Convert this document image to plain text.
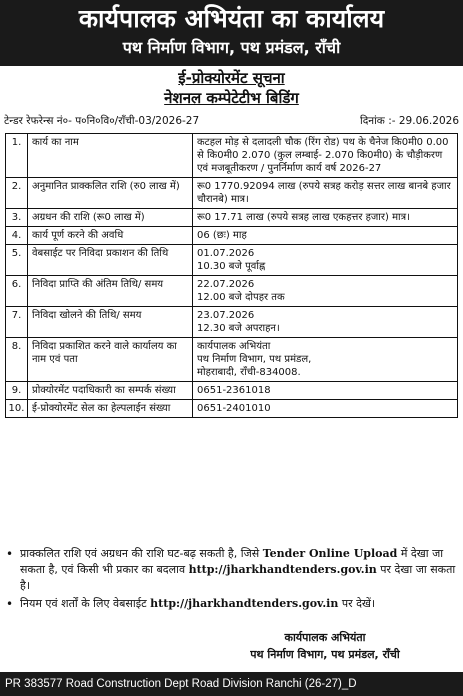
कार्यपालक अभियंता का कार्यालय
पथ निर्माण विभाग, पथ प्रमंडल, राँची
ई-प्रोक्योरमेंट सूचना
नेशनल कम्पेटेटीभ बिडिंग
टेन्डर रेफरेन्स नं०- प०नि०वि०/राँची-03/2026-27	दिनांक :- 29.06.2026
1.	कार्य का नाम	कटहल मोड़ से दलादली चौक (रिंग रोड) पथ के चैनेज कि0मी0 0.00 से कि0मी0 2.070 (कुल लम्बाई- 2.070 कि0मी0) के चौड़ीकरण एवं मजबूतीकरण / पुनर्निर्माण कार्य वर्ष 2026-27
2.	अनुमानित प्राक्कलित राशि (रु0 लाख में)	रू0 1770.92094 लाख (रुपये सत्रह करोड़ सत्तर लाख बानबे हजार चौरानबे) मात्र।
3.	अग्रधन की राशि (रू0 लाख में)	रू0 17.71 लाख (रुपये सत्रह लाख एकहत्तर हजार) मात्र।
4.	कार्य पूर्ण करने की अवधि	06 (छः) माह
5.	वेबसाईट पर निविदा प्रकाशन की तिथि	01.07.2026
10.30 बजे पूर्वाह्न
6.	निविदा प्राप्ति की अंतिम तिथि/ समय	22.07.2026
12.00 बजे दोपहर तक
7.	निविदा खोलने की तिथि/ समय	23.07.2026
12.30 बजे अपराहन।
8.	निविदा प्रकाशित करने वाले कार्यालय का नाम एवं पता	कार्यपालक अभियंता
पथ निर्माण विभाग, पथ प्रमंडल,
मोहराबादी, राँची-834008.
9.	प्रोक्योरमेंट पदाधिकारी का सम्पर्क संख्या	0651-2361018
10.	ई-प्रोक्योरमेंट सेल का हेल्पलाईन संख्या	0651-2401010
• प्राक्कलित राशि एवं अग्रधन की राशि घट-बढ़ सकती है, जिसे Tender Online Upload में देखा जा सकता है, एवं किसी भी प्रकार का बदलाव http://jharkhandtenders.gov.in पर देखा जा सकता है।
• नियम एवं शर्तों के लिए वेबसाईट http://jharkhandtenders.gov.in पर देखें।
कार्यपालक अभियंता
पथ निर्माण विभाग, पथ प्रमंडल, राँची
PR 383577 Road Construction Dept Road Division Ranchi (26-27)_D
